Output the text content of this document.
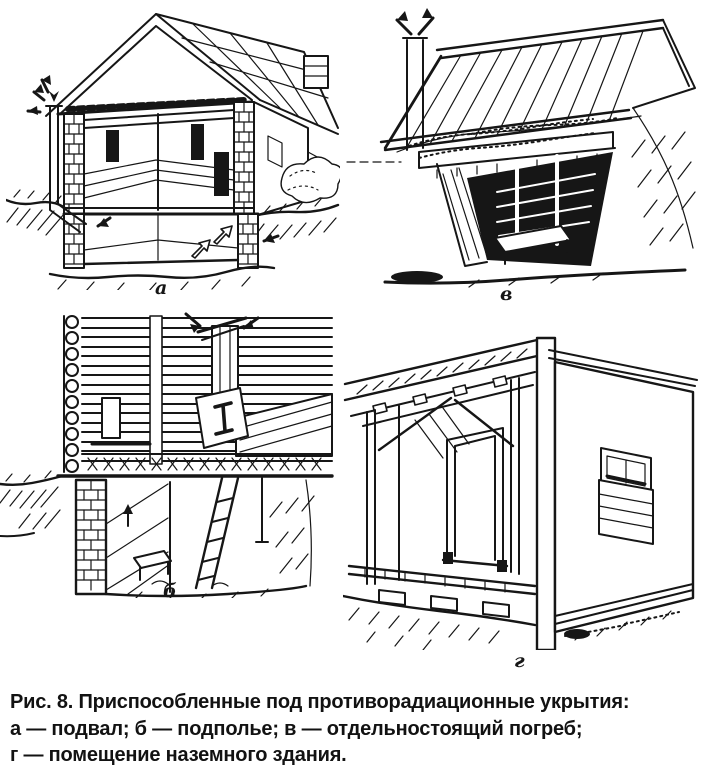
а	в
б
г
Рис. 8. Приспособленные под противорадиационные укрытия:
а — подвал; б — подполье; в — отдельностоящий погреб;
г — помещение наземного здания.
